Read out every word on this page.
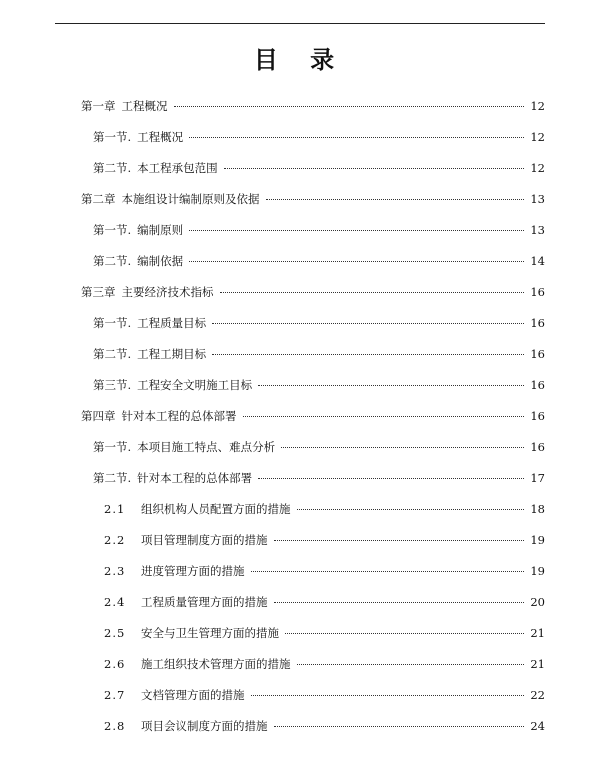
目 录
第一章 工程概况	12
第一节. 工程概况	12
第二节. 本工程承包范围	12
第二章 本施组设计编制原则及依据	13
第一节. 编制原则	13
第二节. 编制依据	14
第三章 主要经济技术指标	16
第一节. 工程质量目标	16
第二节. 工程工期目标	16
第三节. 工程安全文明施工目标	16
第四章 针对本工程的总体部署	16
第一节. 本项目施工特点、难点分析	16
第二节. 针对本工程的总体部署	17
2.1	组织机构人员配置方面的措施	18
2.2	项目管理制度方面的措施	19
2.3	进度管理方面的措施	19
2.4	工程质量管理方面的措施	20
2.5	安全与卫生管理方面的措施	21
2.6	施工组织技术管理方面的措施	21
2.7	文档管理方面的措施	22
2.8	项目会议制度方面的措施	24
